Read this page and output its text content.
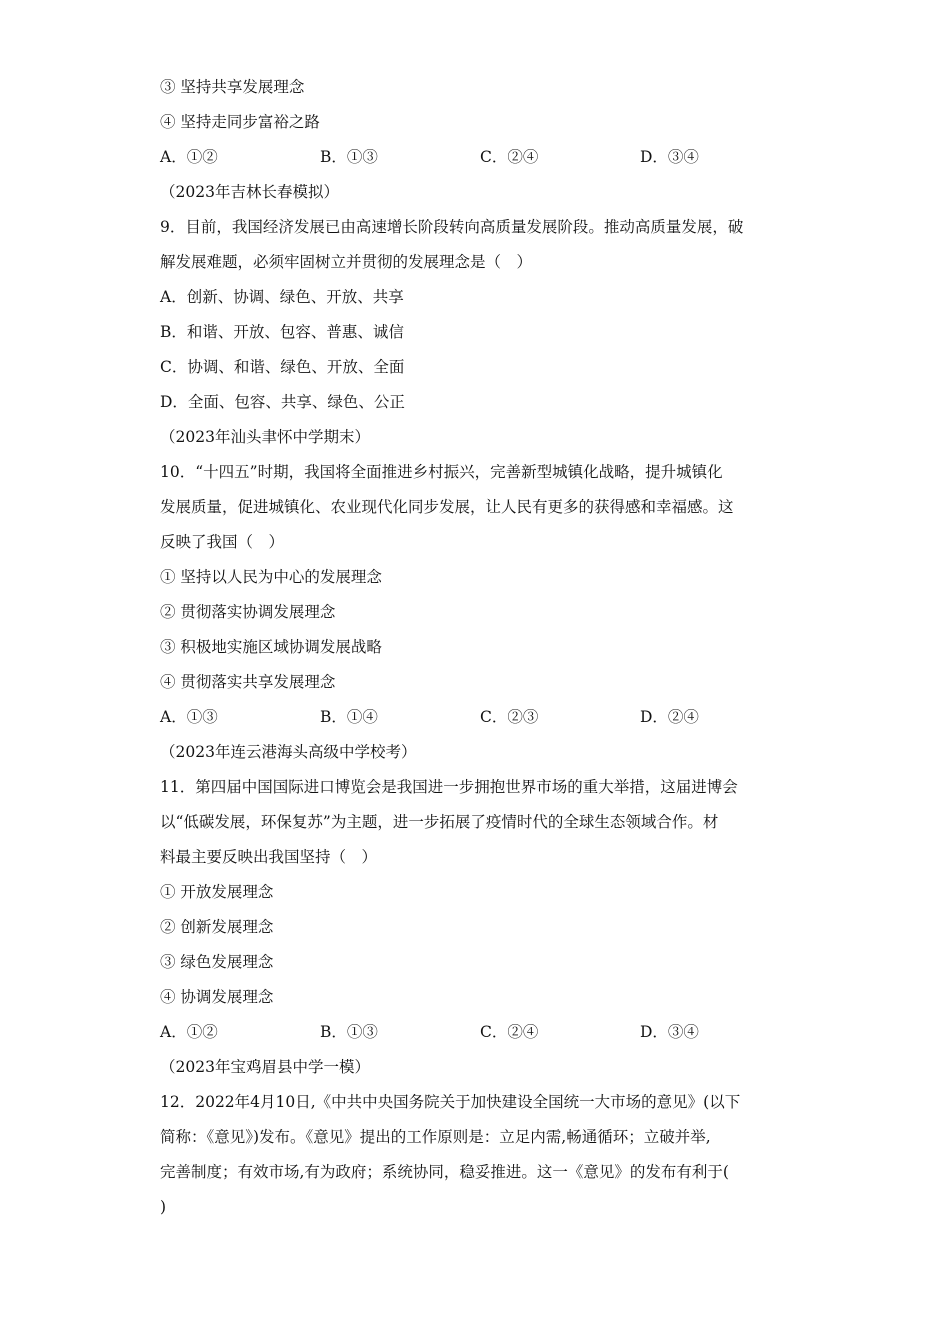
③ 坚持共享发展理念
④ 坚持走同步富裕之路
A．①②	B．①③	C．②④	D．③④
（2023年吉林长春模拟）
9．目前，我国经济发展已由高速增长阶段转向高质量发展阶段。推动高质量发展，破
解发展难题，必须牢固树立并贯彻的发展理念是（　）
A．创新、协调、绿色、开放、共享
B．和谐、开放、包容、普惠、诚信
C．协调、和谐、绿色、开放、全面
D．全面、包容、共享、绿色、公正
（2023年汕头聿怀中学期末）
10．“十四五”时期，我国将全面推进乡村振兴，完善新型城镇化战略，提升城镇化
发展质量，促进城镇化、农业现代化同步发展，让人民有更多的获得感和幸福感。这
反映了我国（　）
① 坚持以人民为中心的发展理念
② 贯彻落实协调发展理念
③ 积极地实施区域协调发展战略
④ 贯彻落实共享发展理念
A．①③	B．①④	C．②③	D．②④
（2023年连云港海头高级中学校考）
11．第四届中国国际进口博览会是我国进一步拥抱世界市场的重大举措，这届进博会
以“低碳发展，环保复苏”为主题，进一步拓展了疫情时代的全球生态领域合作。材
料最主要反映出我国坚持（　）
① 开放发展理念
② 创新发展理念
③ 绿色发展理念
④ 协调发展理念
A．①②	B．①③	C．②④	D．③④
（2023年宝鸡眉县中学一模）
12．2022年4月10日,《中共中央国务院关于加快建设全国统一大市场的意见》(以下
简称：《意见》)发布。《意见》提出的工作原则是：立足内需,畅通循环；立破并举,
完善制度；有效市场,有为政府；系统协同，稳妥推进。这一《意见》的发布有利于(
)
